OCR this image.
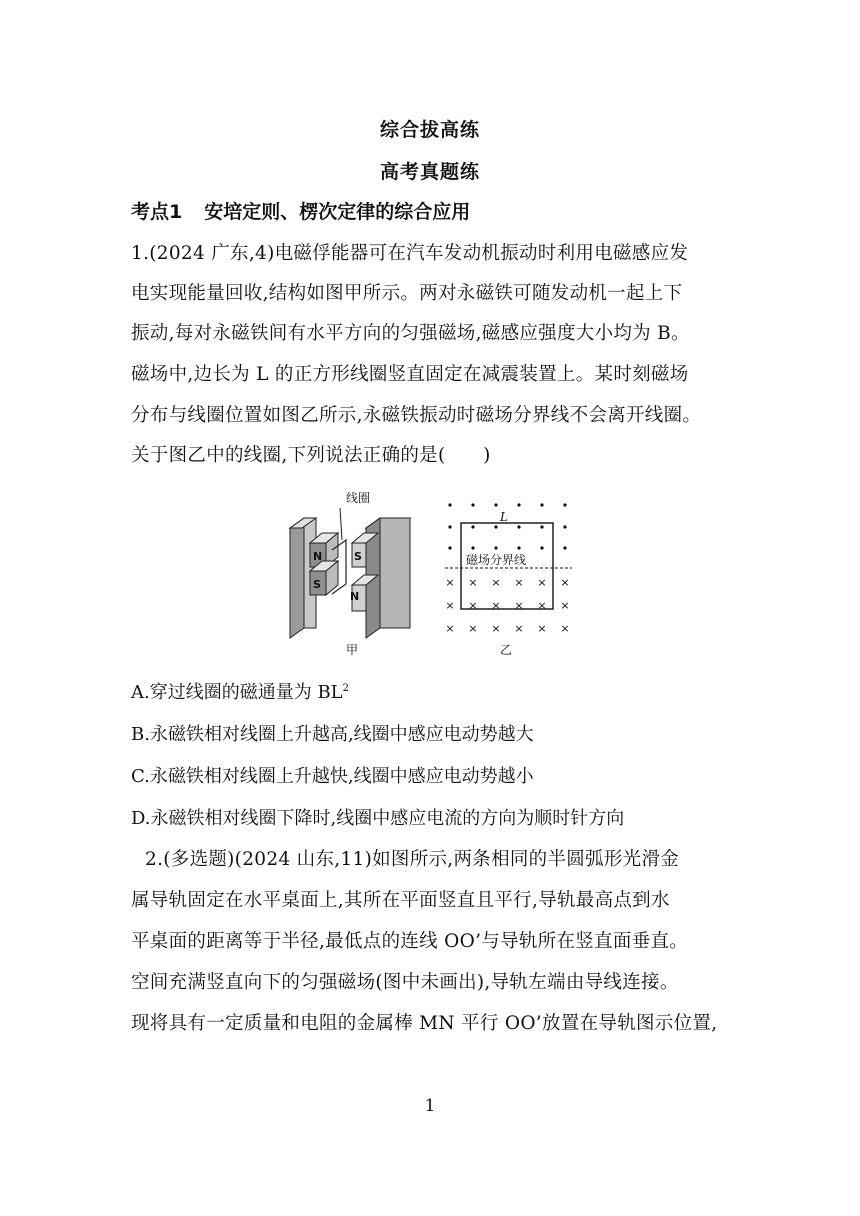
综合拔高练
高考真题练
考点1 安培定则、楞次定律的综合应用
1.(2024 广东,4)电磁俘能器可在汽车发动机振动时利用电磁感应发
电实现能量回收,结构如图甲所示。两对永磁铁可随发动机一起上下
振动,每对永磁铁间有水平方向的匀强磁场,磁感应强度大小均为 B。
磁场中,边长为 L 的正方形线圈竖直固定在减震装置上。某时刻磁场
分布与线圈位置如图乙所示,永磁铁振动时磁场分界线不会离开线圈。
关于图乙中的线圈,下列说法正确的是(　　)
线圈
N	S
S
N
甲
× × × × × ×
× × × × × ×
× × × × × ×
L
磁场分界线
乙
A.穿过线圈的磁通量为 $BL^2$
B.永磁铁相对线圈上升越高,线圈中感应电动势越大
C.永磁铁相对线圈上升越快,线圈中感应电动势越小
D.永磁铁相对线圈下降时,线圈中感应电流的方向为顺时针方向
2.(多选题)(2024 山东,11)如图所示,两条相同的半圆弧形光滑金
属导轨固定在水平桌面上,其所在平面竖直且平行,导轨最高点到水
平桌面的距离等于半径,最低点的连线 OO’与导轨所在竖直面垂直。
空间充满竖直向下的匀强磁场(图中未画出),导轨左端由导线连接。
现将具有一定质量和电阻的金属棒 MN 平行 OO’放置在导轨图示位置,
1
